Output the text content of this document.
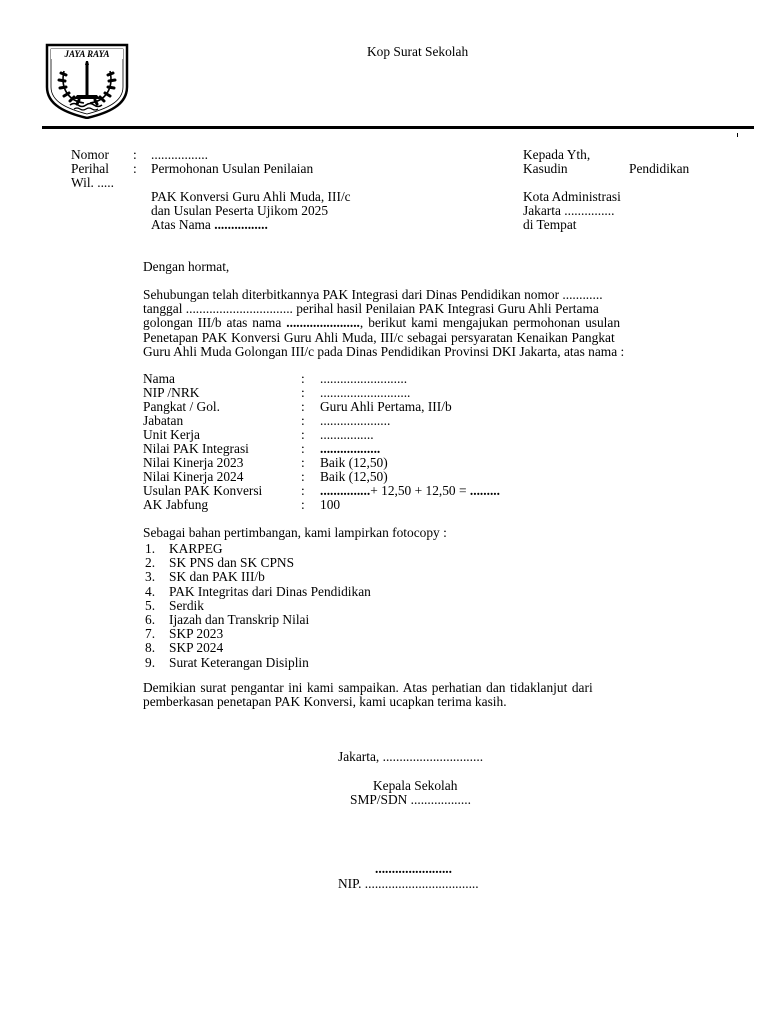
JAYA RAYA	Kop Surat Sekolah
Nomor : .................
Perihal : Permohonan Usulan Penilaian
Wil. .....
PAK Konversi Guru Ahli Muda, III/c
dan Usulan Peserta Ujikom 2025
Atas Nama ................
Kepada Yth,
Kasudin	Pendidikan
Kota Administrasi
Jakarta ...............
di Tempat
Dengan hormat,
Sehubungan telah diterbitkannya PAK Integrasi dari Dinas Pendidikan nomor ............
tanggal ................................ perihal hasil Penilaian PAK Integrasi Guru Ahli Pertama
golongan III/b atas nama ......................, berikut kami mengajukan permohonan usulan
Penetapan PAK Konversi Guru Ahli Muda, III/c sebagai persyaratan Kenaikan Pangkat
Guru Ahli Muda Golongan III/c pada Dinas Pendidikan Provinsi DKI Jakarta, atas nama :
Nama	: ..........................
NIP /NRK	: ...........................
Pangkat / Gol.	: Guru Ahli Pertama, III/b
Jabatan	: .....................
Unit Kerja	: ................
Nilai PAK Integrasi	: ..................
Nilai Kinerja 2023	: Baik (12,50)
Nilai Kinerja 2024	: Baik (12,50)
Usulan PAK Konversi	: ...............+ 12,50 + 12,50 = .........
AK Jabfung	: 100
Sebagai bahan pertimbangan, kami lampirkan fotocopy :
1. KARPEG
2. SK PNS dan SK CPNS
3. SK dan PAK III/b
4. PAK Integritas dari Dinas Pendidikan
5. Serdik
6. Ijazah dan Transkrip Nilai
7. SKP 2023
8. SKP 2024
9. Surat Keterangan Disiplin
Demikian surat pengantar ini kami sampaikan. Atas perhatian dan tidaklanjut dari
pemberkasan penetapan PAK Konversi, kami ucapkan terima kasih.
Jakarta, ..............................
Kepala Sekolah
SMP/SDN ..................
.......................
NIP. ..................................
